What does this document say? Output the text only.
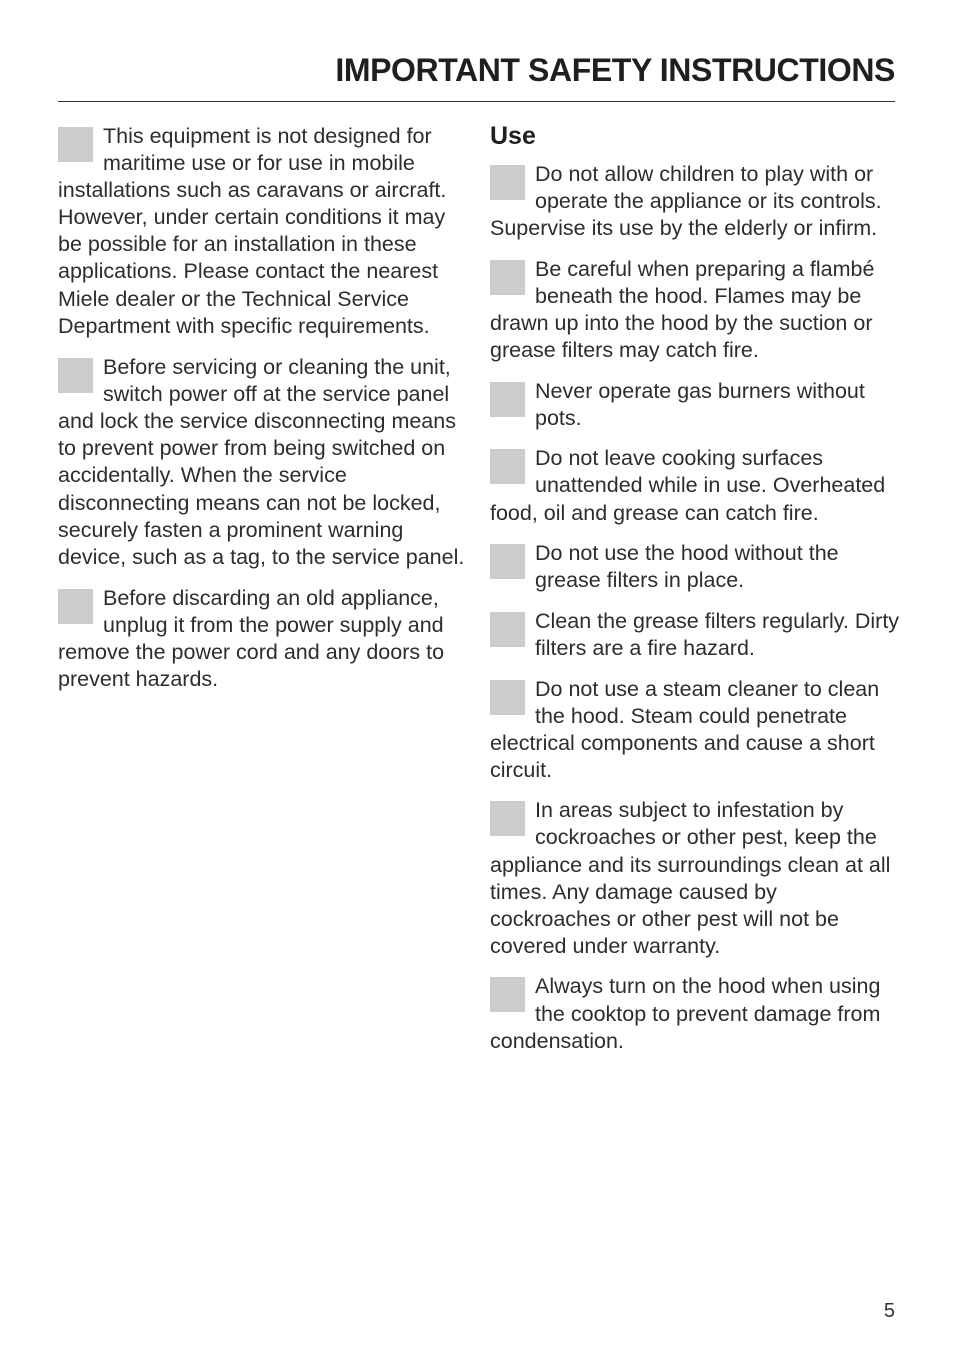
IMPORTANT SAFETY INSTRUCTIONS
This equipment is not designed for maritime use or for use in mobile installations such as caravans or aircraft. However, under certain conditions it may be possible for an installation in these applications. Please contact the nearest Miele dealer or the Technical Service Department with specific requirements.
Before servicing or cleaning the unit, switch power off at the service panel and lock the service disconnecting means to prevent power from being switched on accidentally. When the service disconnecting means can not be locked, securely fasten a prominent warning device, such as a tag, to the service panel.
Before discarding an old appliance, unplug it from the power supply and remove the power cord and any doors to prevent hazards.
Use
Do not allow children to play with or operate the appliance or its controls. Supervise its use by the elderly or infirm.
Be careful when preparing a flambé beneath the hood. Flames may be drawn up into the hood by the suction or grease filters may catch fire.
Never operate gas burners without pots.
Do not leave cooking surfaces unattended while in use. Overheated food, oil and grease can catch fire.
Do not use the hood without the grease filters in place.
Clean the grease filters regularly. Dirty filters are a fire hazard.
Do not use a steam cleaner to clean the hood. Steam could penetrate electrical components and cause a short circuit.
In areas subject to infestation by cockroaches or other pest, keep the appliance and its surroundings clean at all times. Any damage caused by cockroaches or other pest will not be covered under warranty.
Always turn on the hood when using the cooktop to prevent damage from condensation.
5
